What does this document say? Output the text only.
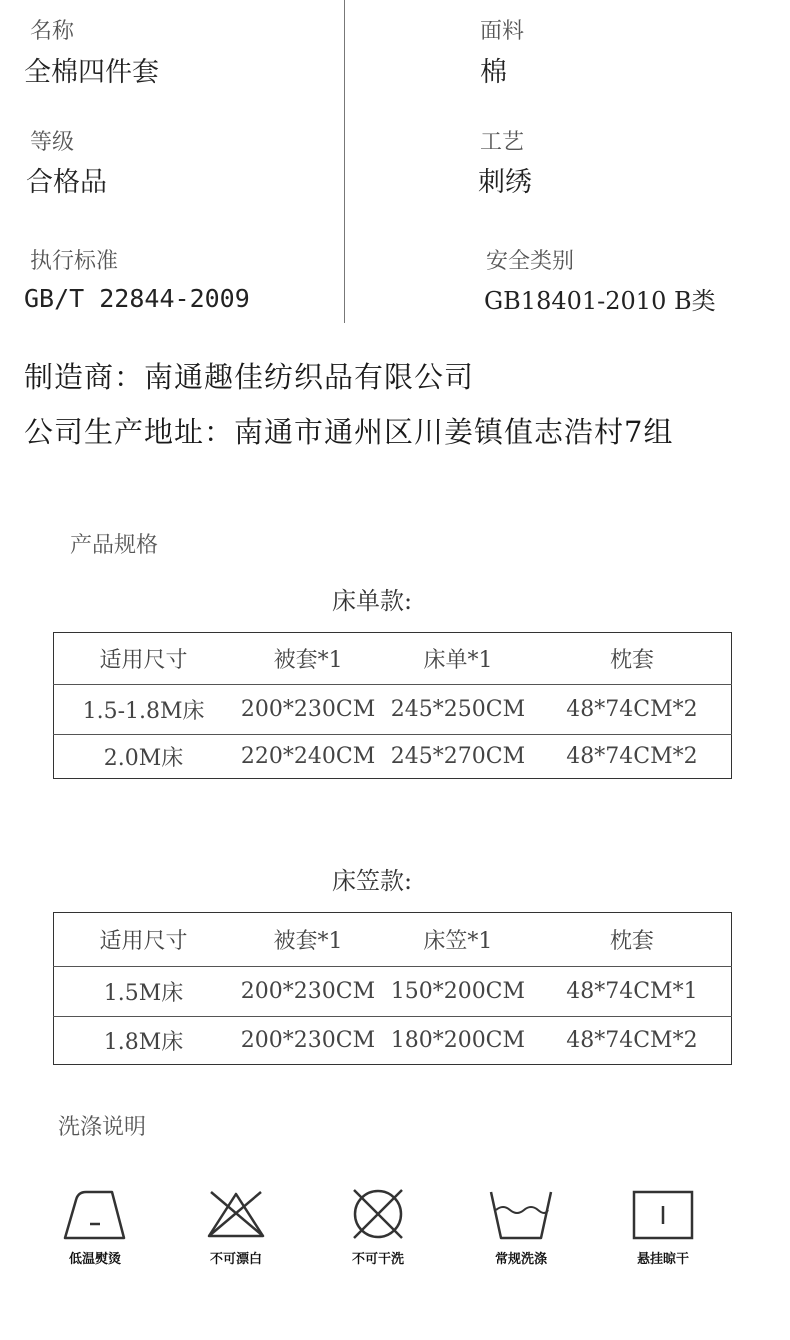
名称
全棉四件套
面料
棉
等级
合格品
工艺
刺绣
执行标准
GB/T 22844-2009
安全类别
GB18401-2010 B类
制造商：南通趣佳纺织品有限公司
公司生产地址：南通市通州区川姜镇值志浩村7组
产品规格
床单款:
适用尺寸	被套*1	床单*1	枕套
1.5-1.8M床	200*230CM	245*250CM	48*74CM*2
2.0M床	220*240CM	245*270CM	48*74CM*2
床笠款:
适用尺寸	被套*1	床笠*1	枕套
1.5M床	200*230CM	150*200CM	48*74CM*1
1.8M床	200*230CM	180*200CM	48*74CM*2
洗涤说明
低温熨烫	不可漂白	不可干洗	常规洗涤	悬挂晾干
